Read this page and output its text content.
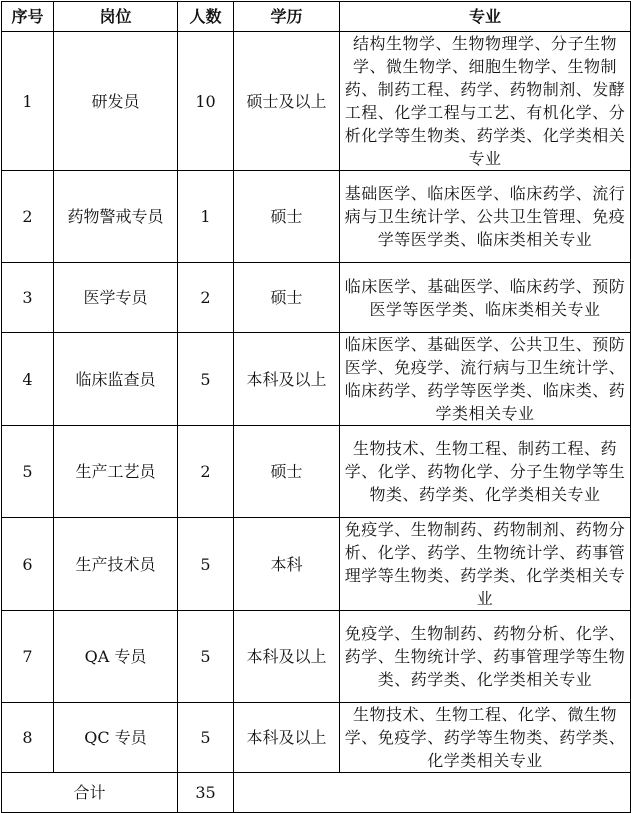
序号	岗位	人数	学历	专业
1	研发员	10	硕士及以上	结构生物学、生物物理学、分子生物学、微生物学、细胞生物学、生物制药、制药工程、药学、药物制剂、发酵工程、化学工程与工艺、有机化学、分析化学等生物类、药学类、化学类相关专业
2	药物警戒专员	1	硕士	基础医学、临床医学、临床药学、流行病与卫生统计学、公共卫生管理、免疫学等医学类、临床类相关专业
3	医学专员	2	硕士	临床医学、基础医学、临床药学、预防医学等医学类、临床类相关专业
4	临床监查员	5	本科及以上	临床医学、基础医学、公共卫生、预防医学、免疫学、流行病与卫生统计学、临床药学、药学等医学类、临床类、药学类相关专业
5	生产工艺员	2	硕士	生物技术、生物工程、制药工程、药学、化学、药物化学、分子生物学等生物类、药学类、化学类相关专业
6	生产技术员	5	本科	免疫学、生物制药、药物制剂、药物分析、化学、药学、生物统计学、药事管理学等生物类、药学类、化学类相关专业
7	QA 专员	5	本科及以上	免疫学、生物制药、药物分析、化学、药学、生物统计学、药事管理学等生物类、药学类、化学类相关专业
8	QC 专员	5	本科及以上	生物技术、生物工程、化学、微生物学、免疫学、药学等生物类、药学类、化学类相关专业
合计		35		
